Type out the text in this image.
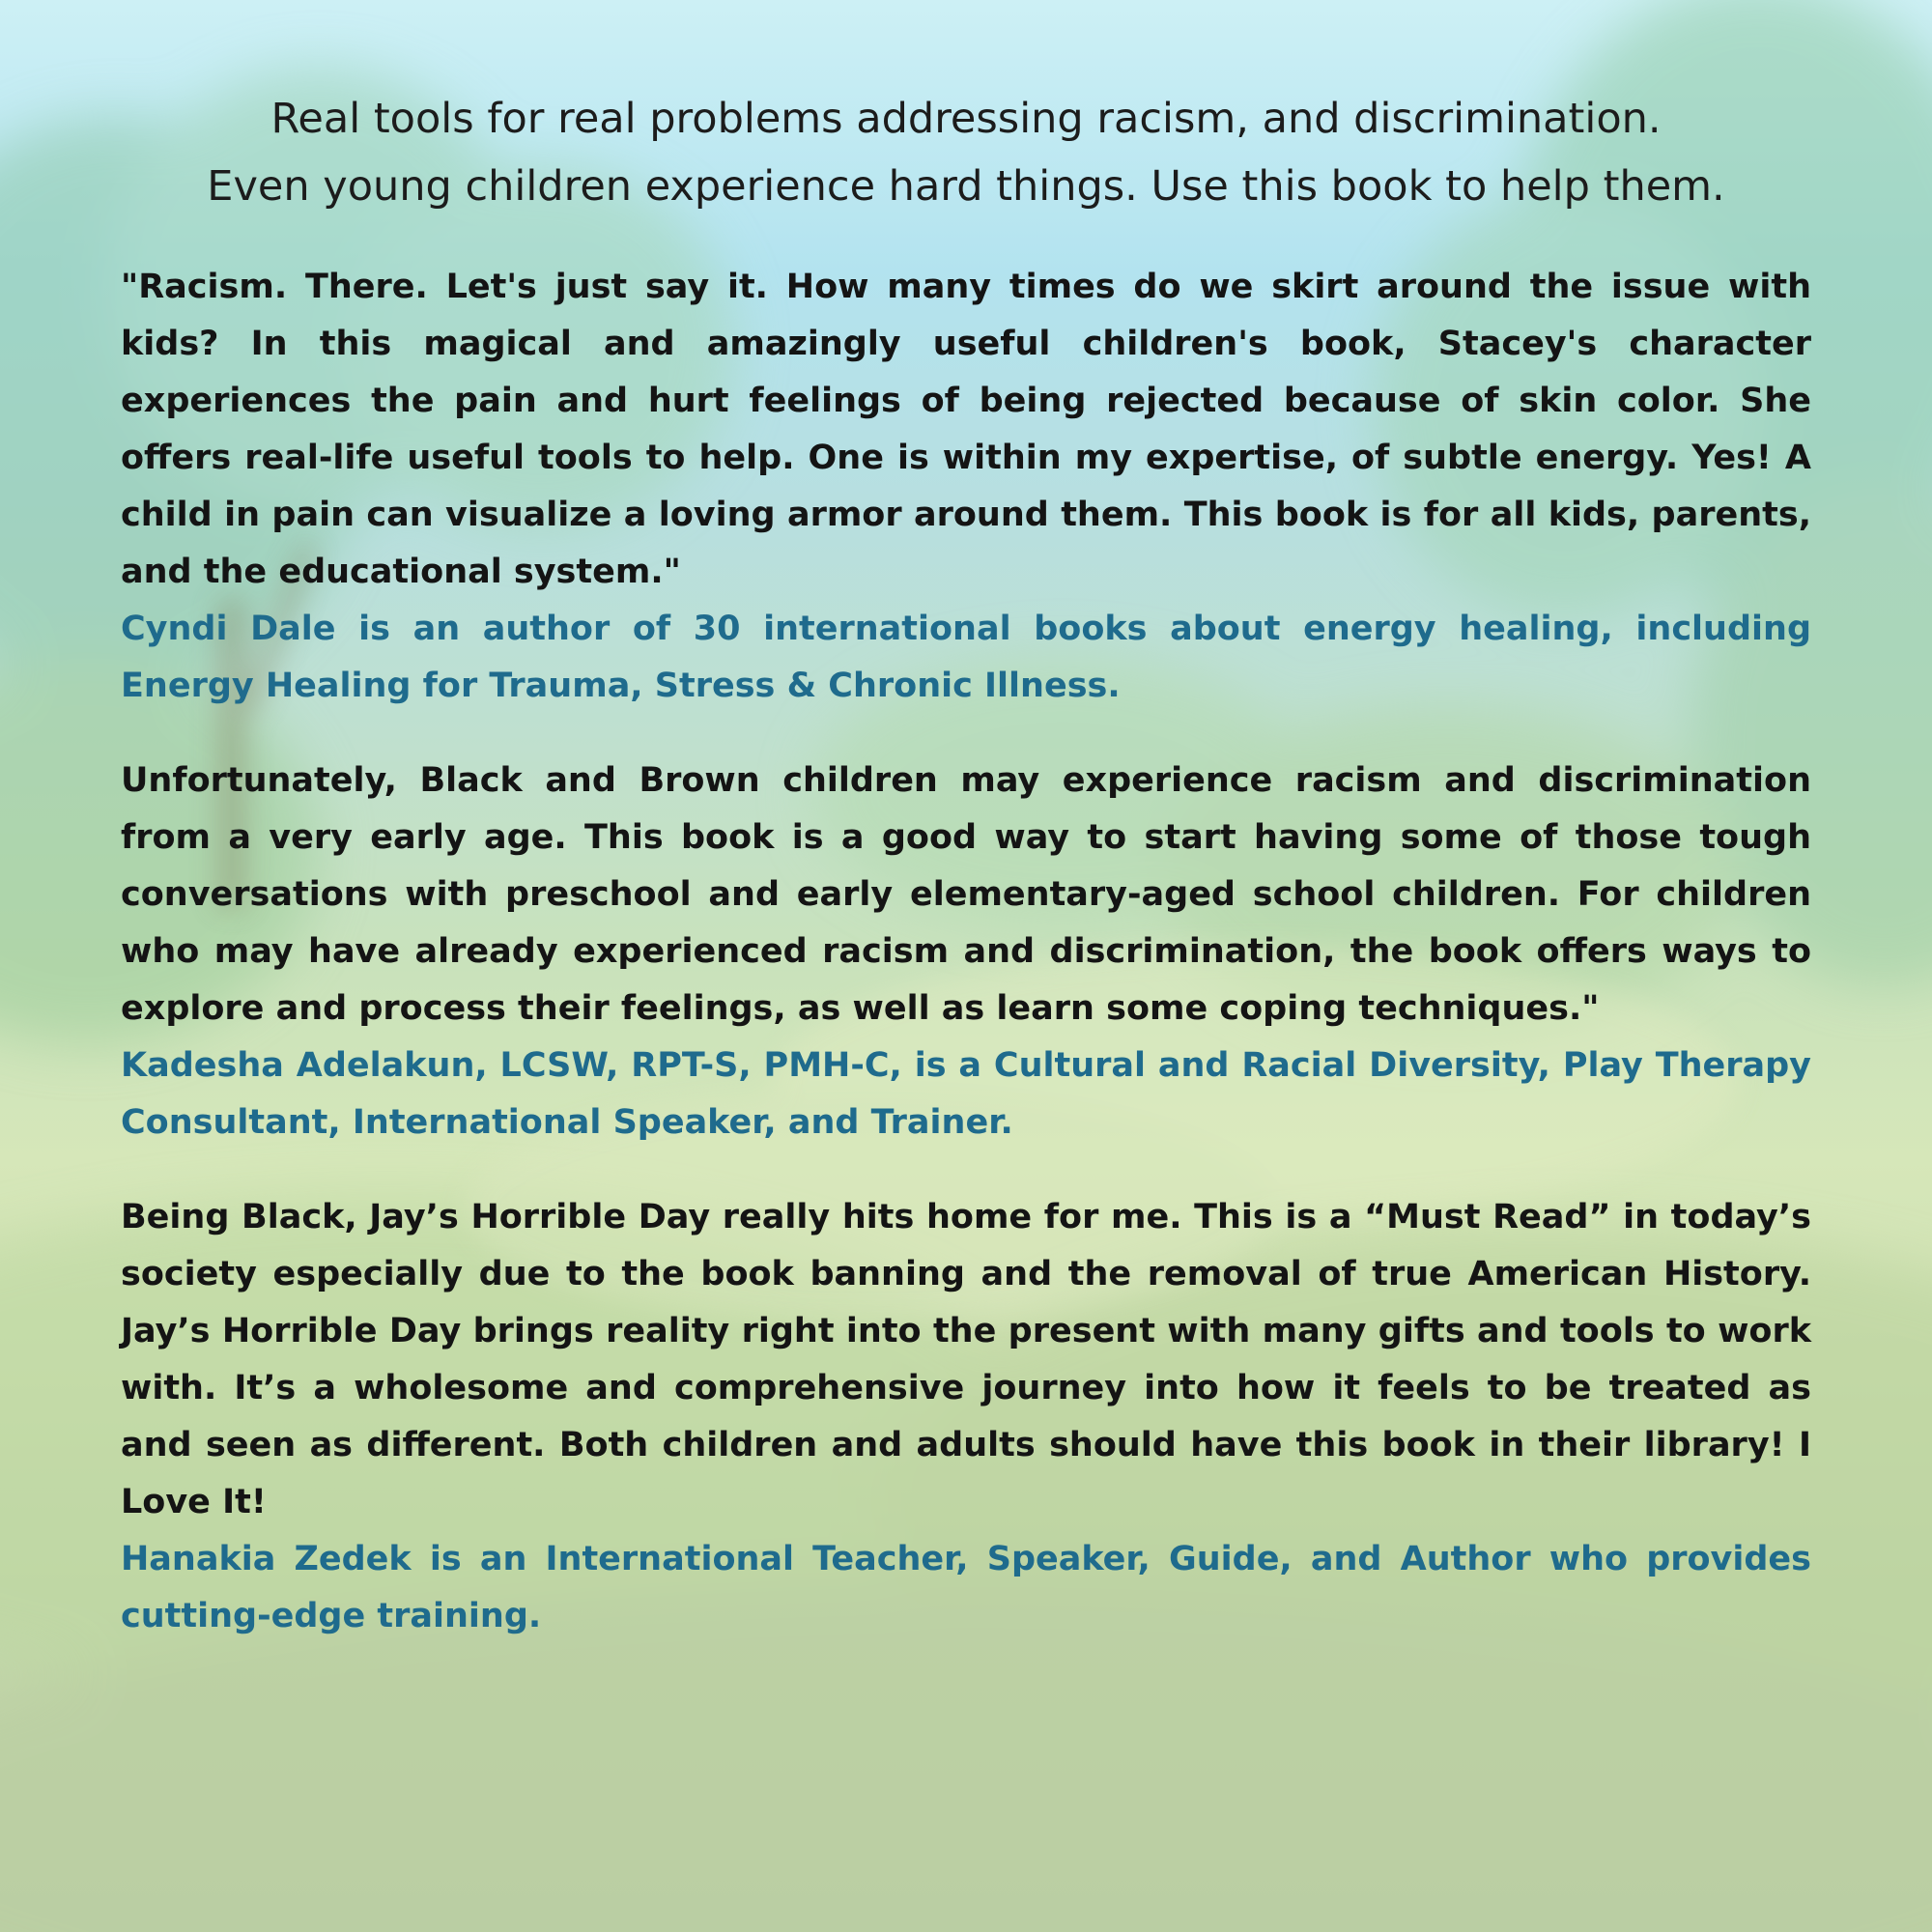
Real tools for real problems addressing racism, and discrimination.
Even young children experience hard things. Use this book to help them.

"Racism. There. Let's just say it. How many times do we skirt around the issue with kids? In this magical and amazingly useful children's book, Stacey's character experiences the pain and hurt feelings of being rejected because of skin color. She offers real-life useful tools to help. One is within my expertise, of subtle energy. Yes! A child in pain can visualize a loving armor around them. This book is for all kids, parents, and the educational system."

Cyndi Dale is an author of 30 international books about energy healing, including Energy Healing for Trauma, Stress & Chronic Illness.

Unfortunately, Black and Brown children may experience racism and discrimination from a very early age. This book is a good way to start having some of those tough conversations with preschool and early elementary-aged school children. For children who may have already experienced racism and discrimination, the book offers ways to explore and process their feelings, as well as learn some coping techniques."

Kadesha Adelakun, LCSW, RPT-S, PMH-C, is a Cultural and Racial Diversity, Play Therapy Consultant, International Speaker, and Trainer.

Being Black, Jay’s Horrible Day really hits home for me. This is a “Must Read” in today’s society especially due to the book banning and the removal of true American History. Jay’s Horrible Day brings reality right into the present with many gifts and tools to work with. It’s a wholesome and comprehensive journey into how it feels to be treated as and seen as different. Both children and adults should have this book in their library! I Love It!

Hanakia Zedek is an International Teacher, Speaker, Guide, and Author who provides cutting-edge training.
